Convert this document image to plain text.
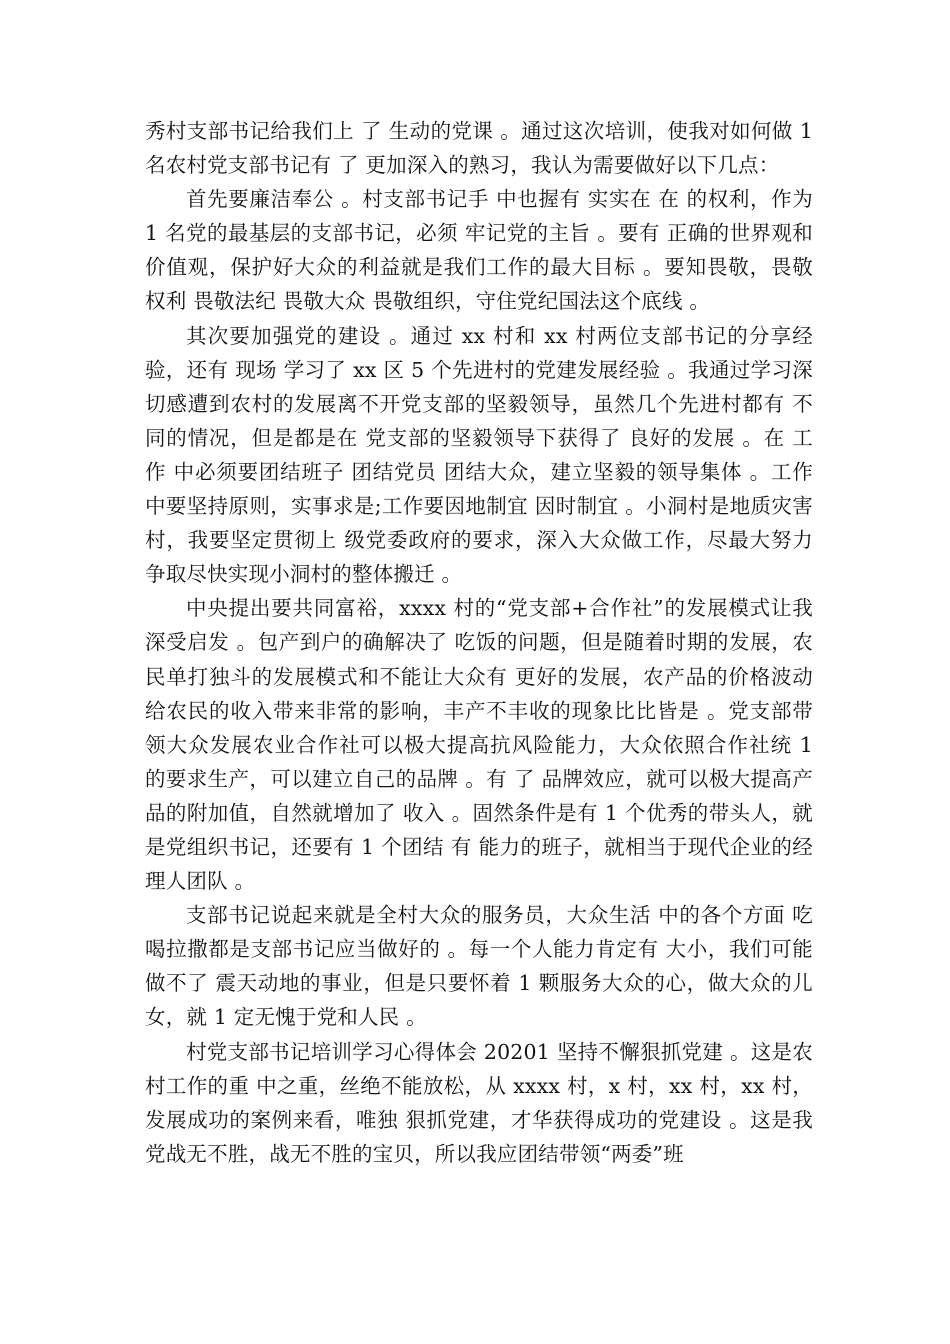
秀村支部书记给我们上 了 生动的党课 。通过这次培训，使我对如何做 1 名农村党支部书记有 了 更加深入的熟习，我认为需要做好以下几点：

首先要廉洁奉公 。村支部书记手 中也握有 实实在 在 的权利，作为 1 名党的最基层的支部书记，必须 牢记党的主旨 。要有 正确的世界观和价值观，保护好大众的利益就是我们工作的最大目标 。要知畏敬，畏敬权利 畏敬法纪 畏敬大众 畏敬组织，守住党纪国法这个底线 。

其次要加强党的建设 。通过 xx 村和 xx 村两位支部书记的分享经验，还有 现场 学习了 xx 区 5 个先进村的党建发展经验 。我通过学习深切感遭到农村的发展离不开党支部的坚毅领导，虽然几个先进村都有 不同的情况，但是都是在 党支部的坚毅领导下获得了 良好的发展 。在 工作 中必须要团结班子 团结党员 团结大众，建立坚毅的领导集体 。工作 中要坚持原则，实事求是;工作要因地制宜 因时制宜 。小洞村是地质灾害村，我要坚定贯彻上 级党委政府的要求，深入大众做工作，尽最大努力争取尽快实现小洞村的整体搬迁 。

中央提出要共同富裕，xxxx 村的“党支部+合作社”的发展模式让我深受启发 。包产到户的确解决了 吃饭的问题，但是随着时期的发展，农民单打独斗的发展模式和不能让大众有 更好的发展，农产品的价格波动给农民的收入带来非常的影响，丰产不丰收的现象比比皆是 。党支部带领大众发展农业合作社可以极大提高抗风险能力，大众依照合作社统 1 的要求生产，可以建立自己的品牌 。有 了 品牌效应，就可以极大提高产品的附加值，自然就增加了 收入 。固然条件是有 1 个优秀的带头人，就是党组织书记，还要有 1 个团结 有 能力的班子，就相当于现代企业的经理人团队 。

支部书记说起来就是全村大众的服务员，大众生活 中的各个方面 吃喝拉撒都是支部书记应当做好的 。每一个人能力肯定有 大小，我们可能做不了 震天动地的事业，但是只要怀着 1 颗服务大众的心，做大众的儿女，就 1 定无愧于党和人民 。

村党支部书记培训学习心得体会 20201 坚持不懈狠抓党建 。这是农村工作的重 中之重，丝绝不能放松，从 xxxx 村，x 村，xx 村，xx 村，发展成功的案例来看，唯独 狠抓党建，才华获得成功的党建设 。这是我党战无不胜，战无不胜的宝贝，所以我应团结带领“两委”班
